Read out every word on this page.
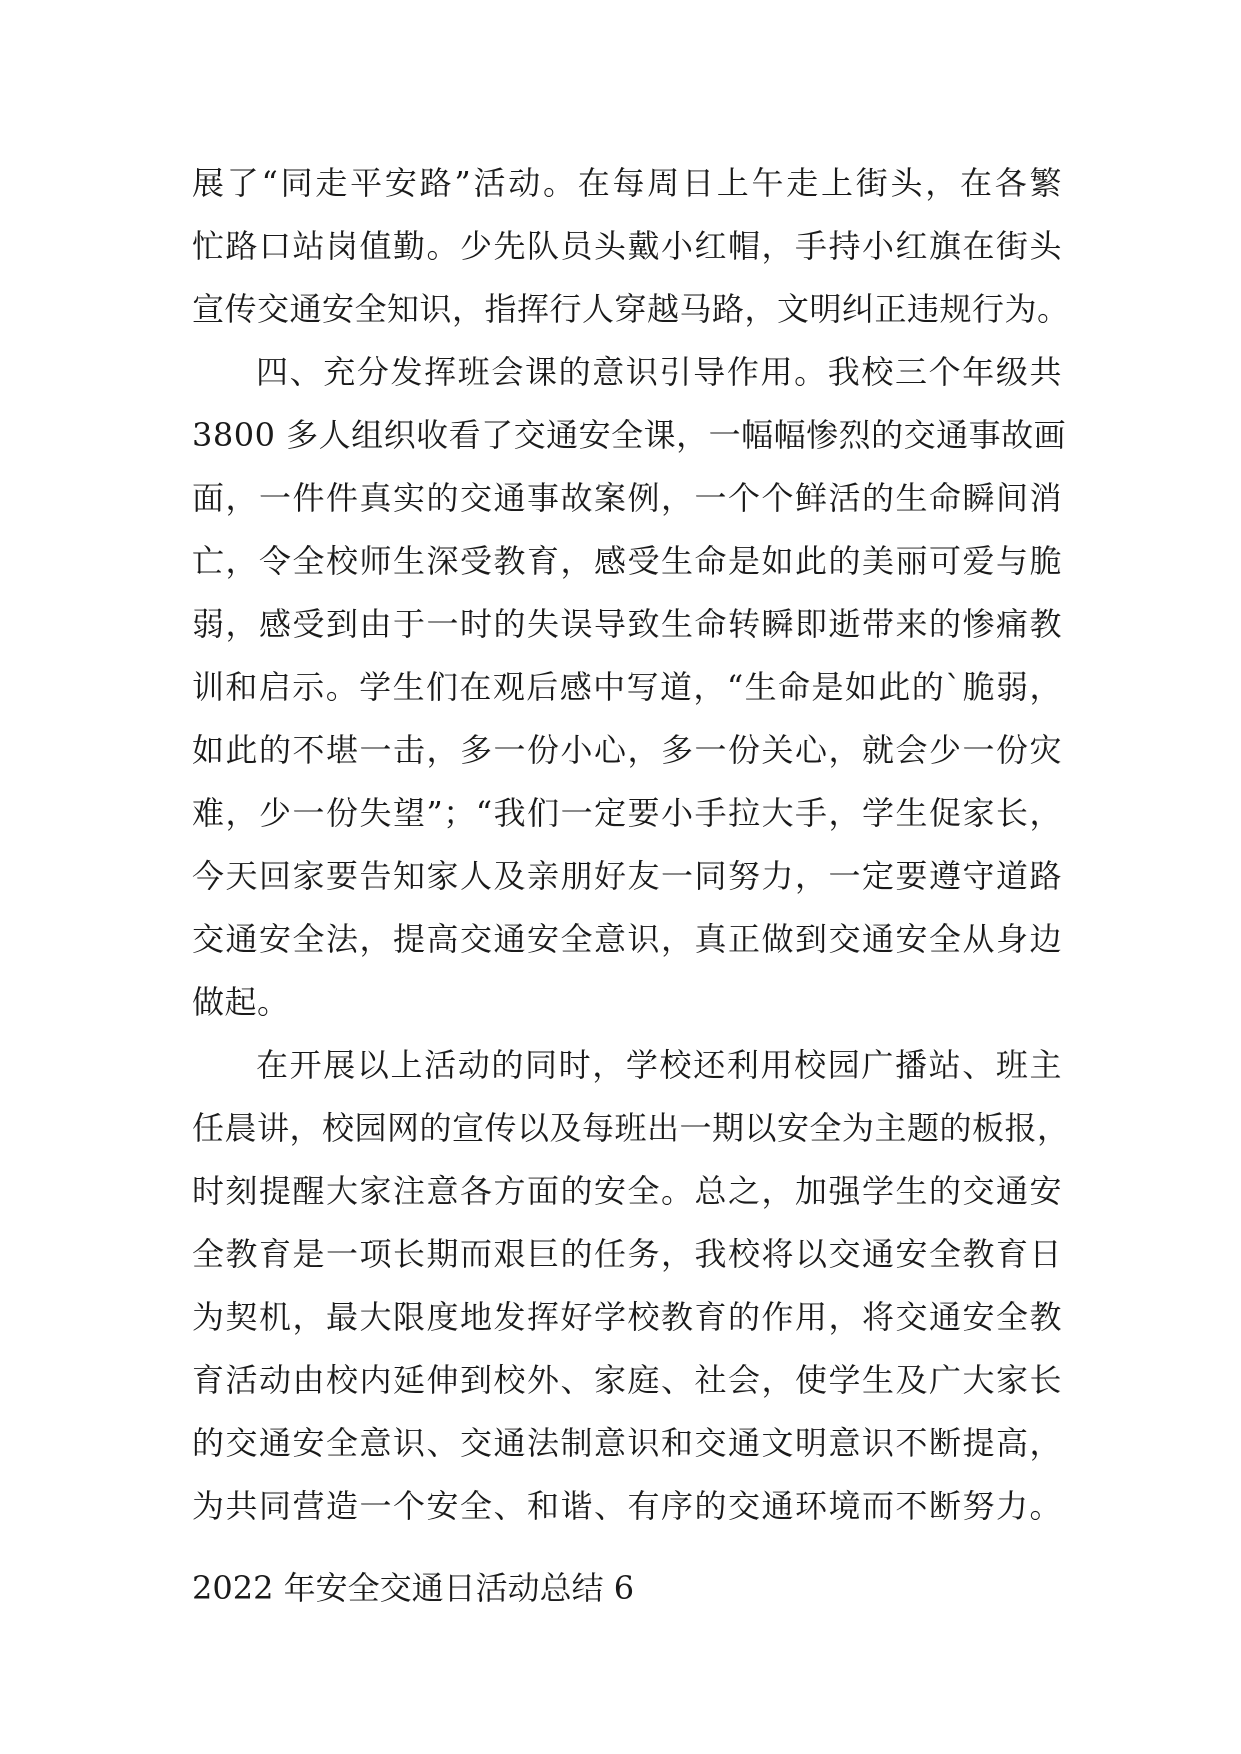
展了“同走平安路”活动。在每周日上午走上街头，在各繁
忙路口站岗值勤。少先队员头戴小红帽，手持小红旗在街头
宣传交通安全知识，指挥行人穿越马路，文明纠正违规行为。
四、充分发挥班会课的意识引导作用。我校三个年级共
3800 多人组织收看了交通安全课，一幅幅惨烈的交通事故画
面，一件件真实的交通事故案例，一个个鲜活的生命瞬间消
亡，令全校师生深受教育，感受生命是如此的美丽可爱与脆
弱，感受到由于一时的失误导致生命转瞬即逝带来的惨痛教
训和启示。学生们在观后感中写道，“生命是如此的`脆弱，
如此的不堪一击，多一份小心，多一份关心，就会少一份灾
难，少一份失望”；“我们一定要小手拉大手，学生促家长，
今天回家要告知家人及亲朋好友一同努力，一定要遵守道路
交通安全法，提高交通安全意识，真正做到交通安全从身边
做起。
在开展以上活动的同时，学校还利用校园广播站、班主
任晨讲，校园网的宣传以及每班出一期以安全为主题的板报，
时刻提醒大家注意各方面的安全。总之，加强学生的交通安
全教育是一项长期而艰巨的任务，我校将以交通安全教育日
为契机，最大限度地发挥好学校教育的作用，将交通安全教
育活动由校内延伸到校外、家庭、社会，使学生及广大家长
的交通安全意识、交通法制意识和交通文明意识不断提高，
为共同营造一个安全、和谐、有序的交通环境而不断努力。
2022 年安全交通日活动总结 6
